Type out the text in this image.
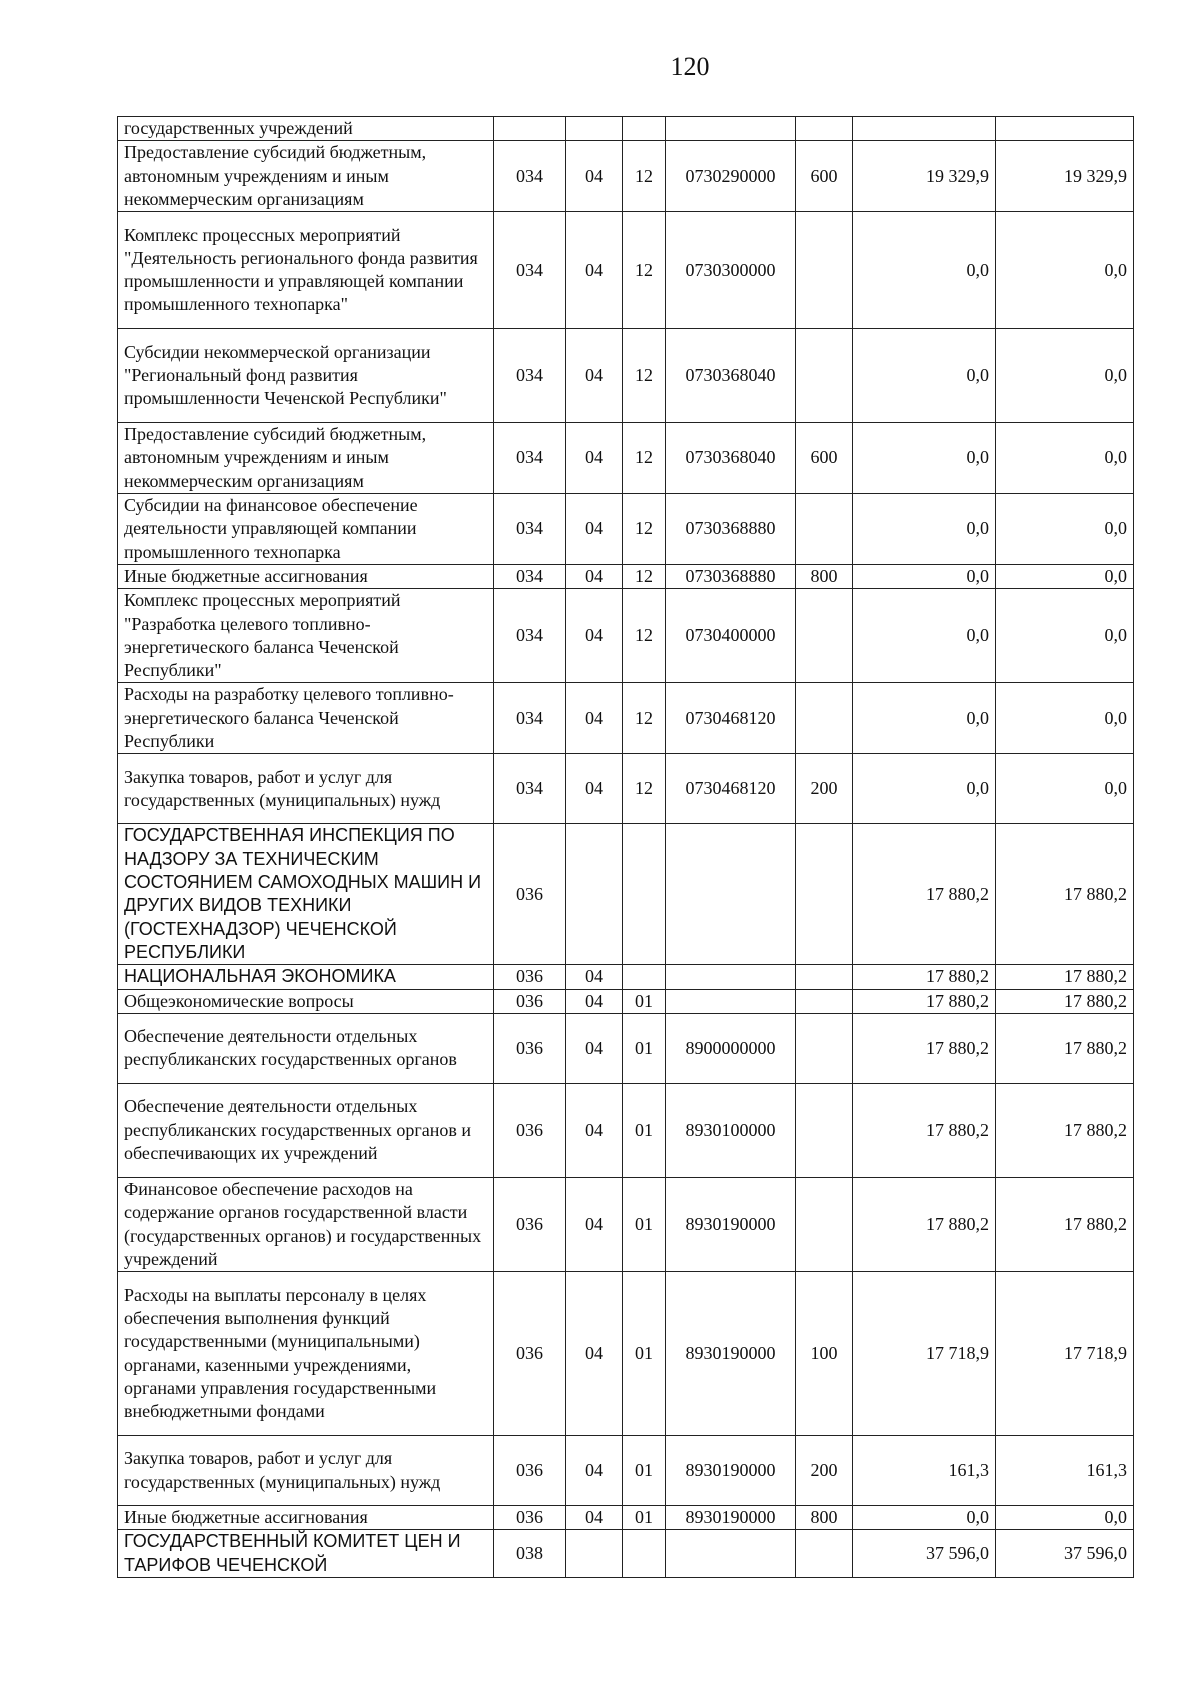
120
государственных учреждений							
Предоставление субсидий бюджетным, автономным учреждениям и иным некоммерческим организациям	034	04	12	0730290000	600	19 329,9	19 329,9
Комплекс процессных мероприятий "Деятельность регионального фонда развития промышленности и управляющей компании промышленного технопарка"	034	04	12	0730300000		0,0	0,0
Субсидии некоммерческой организации "Региональный фонд развития промышленности Чеченской Республики"	034	04	12	0730368040		0,0	0,0
Предоставление субсидий бюджетным, автономным учреждениям и иным некоммерческим организациям	034	04	12	0730368040	600	0,0	0,0
Субсидии на финансовое обеспечение деятельности управляющей компании промышленного технопарка	034	04	12	0730368880		0,0	0,0
Иные бюджетные ассигнования	034	04	12	0730368880	800	0,0	0,0
Комплекс процессных мероприятий "Разработка целевого топливно-энергетического баланса Чеченской Республики"	034	04	12	0730400000		0,0	0,0
Расходы на разработку целевого топливно-энергетического баланса Чеченской Республики	034	04	12	0730468120		0,0	0,0
Закупка товаров, работ и услуг для государственных (муниципальных) нужд	034	04	12	0730468120	200	0,0	0,0
ГОСУДАРСТВЕННАЯ ИНСПЕКЦИЯ ПО НАДЗОРУ ЗА ТЕХНИЧЕСКИМ СОСТОЯНИЕМ САМОХОДНЫХ МАШИН И ДРУГИХ ВИДОВ ТЕХНИКИ (ГОСТЕХНАДЗОР) ЧЕЧЕНСКОЙ РЕСПУБЛИКИ	036					17 880,2	17 880,2
НАЦИОНАЛЬНАЯ ЭКОНОМИКА	036	04				17 880,2	17 880,2
Общеэкономические вопросы	036	04	01			17 880,2	17 880,2
Обеспечение деятельности отдельных республиканских государственных органов	036	04	01	8900000000		17 880,2	17 880,2
Обеспечение деятельности отдельных республиканских государственных органов и обеспечивающих их учреждений	036	04	01	8930100000		17 880,2	17 880,2
Финансовое обеспечение расходов на содержание органов государственной власти (государственных органов) и государственных учреждений	036	04	01	8930190000		17 880,2	17 880,2
Расходы на выплаты персоналу в целях обеспечения выполнения функций государственными (муниципальными) органами, казенными учреждениями, органами управления государственными внебюджетными фондами	036	04	01	8930190000	100	17 718,9	17 718,9
Закупка товаров, работ и услуг для государственных (муниципальных) нужд	036	04	01	8930190000	200	161,3	161,3
Иные бюджетные ассигнования	036	04	01	8930190000	800	0,0	0,0
ГОСУДАРСТВЕННЫЙ КОМИТЕТ ЦЕН И ТАРИФОВ ЧЕЧЕНСКОЙ	038					37 596,0	37 596,0
